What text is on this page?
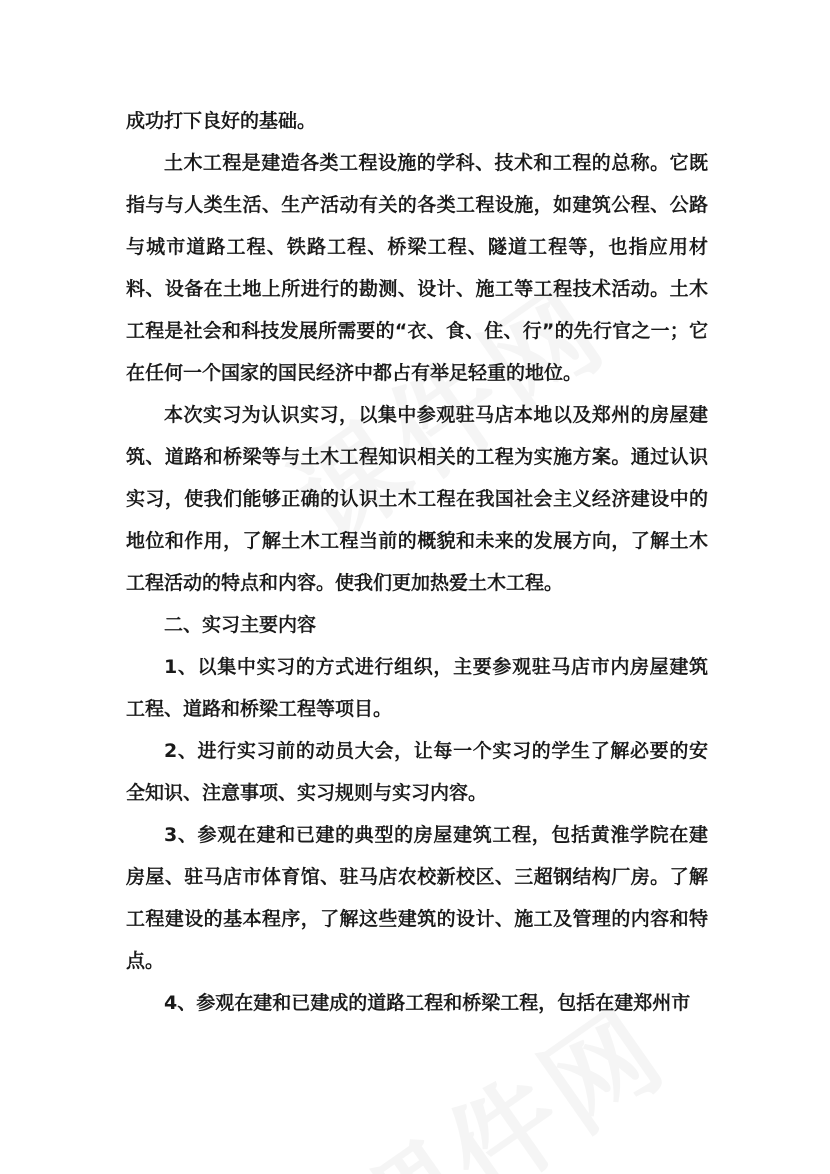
成功打下良好的基础。

土木工程是建造各类工程设施的学科、技术和工程的总称。它既指与与人类生活、生产活动有关的各类工程设施，如建筑公程、公路与城市道路工程、铁路工程、桥梁工程、隧道工程等，也指应用材料、设备在土地上所进行的勘测、设计、施工等工程技术活动。土木工程是社会和科技发展所需要的“衣、食、住、行”的先行官之一；它在任何一个国家的国民经济中都占有举足轻重的地位。

本次实习为认识实习，以集中参观驻马店本地以及郑州的房屋建筑、道路和桥梁等与土木工程知识相关的工程为实施方案。通过认识实习，使我们能够正确的认识土木工程在我国社会主义经济建设中的地位和作用，了解土木工程当前的概貌和未来的发展方向，了解土木工程活动的特点和内容。使我们更加热爱土木工程。

二、实习主要内容

1、以集中实习的方式进行组织，主要参观驻马店市内房屋建筑工程、道路和桥梁工程等项目。

2、进行实习前的动员大会，让每一个实习的学生了解必要的安全知识、注意事项、实习规则与实习内容。

3、参观在建和已建的典型的房屋建筑工程，包括黄淮学院在建房屋、驻马店市体育馆、驻马店农校新校区、三超钢结构厂房。了解工程建设的基本程序，了解这些建筑的设计、施工及管理的内容和特点。

4、参观在建和已建成的道路工程和桥梁工程，包括在建郑州市
